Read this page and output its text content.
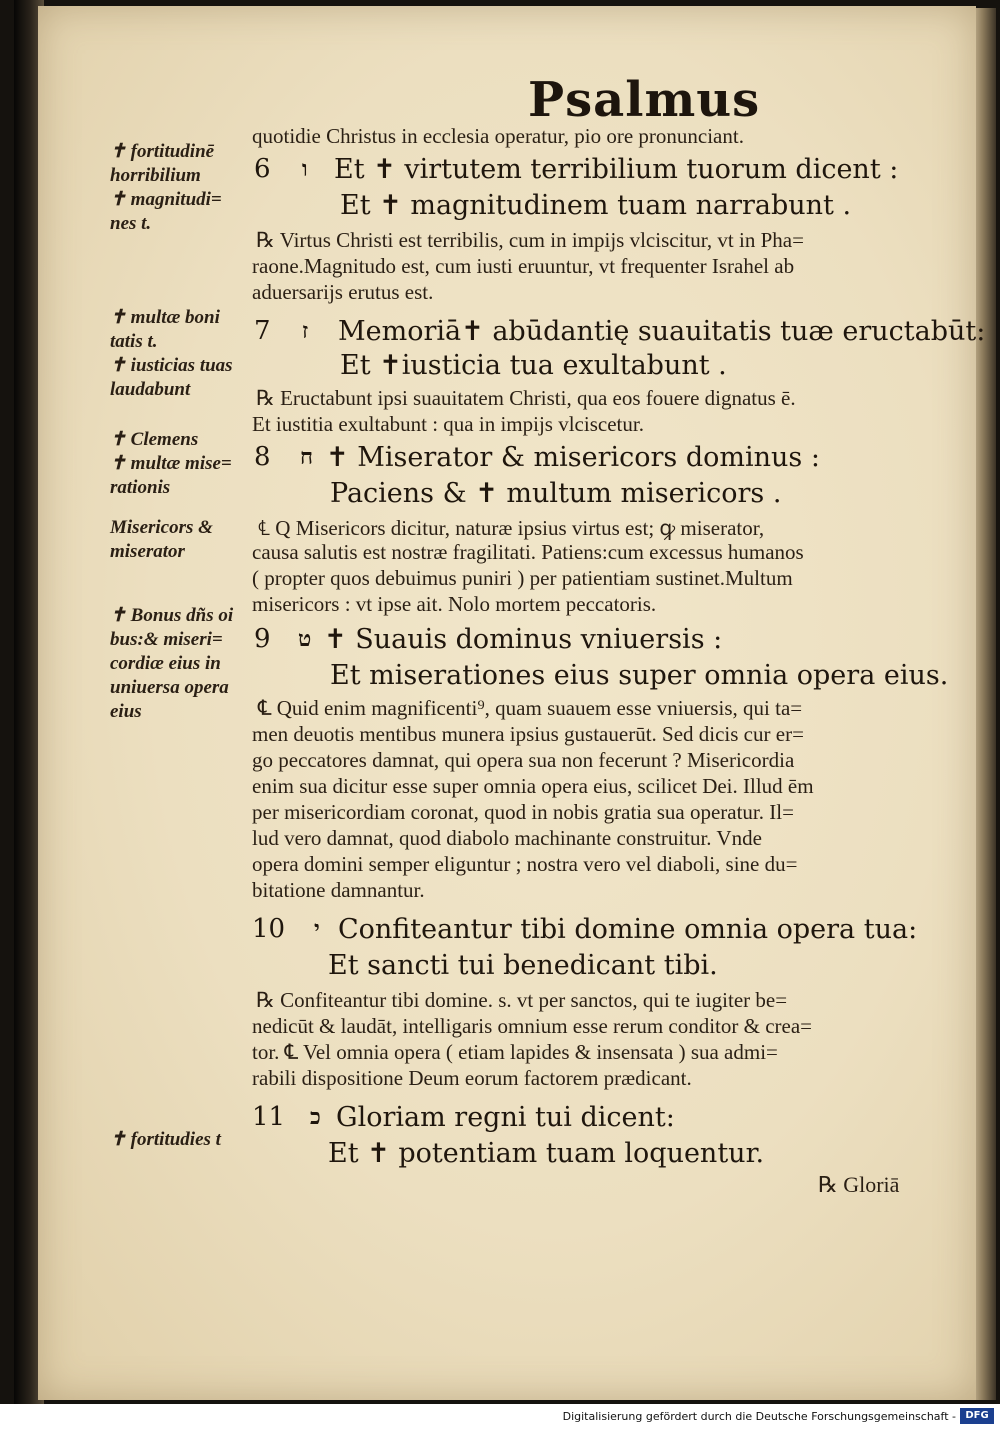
Psalmus
✝ fortitudinē
horribilium
✝ magnitudi=
nes t.
✝ multæ boni
tatis t.
✝ iusticias tuas
laudabunt
✝ Clemens
✝ multæ mise=
rationis
Misericors &
miserator
✝ Bonus dñs oi
bus:& miseri=
cordiæ eius in
uniuersa opera
eius
✝ fortitudies t
6
7
8
9
10
11
ו
ז
ח
ט
י
כ
quotidie Christus in ecclesia operatur, pio ore pronunciant.
Et ✝ virtutem terribilium tuorum dicent :
Et ✝ magnitudinem tuam narrabunt .
℞ Virtus Christi est terribilis, cum in impijs vlciscitur, vt in Pha=
raone.Magnitudo est, cum iusti eruuntur, vt frequenter Israhel ab
aduersarijs erutus est.
Memoriā✝ abūdantię suauitatis tuæ eructabūt:
Et ✝iusticia tua exultabunt .
℞ Eructabunt ipsi suauitatem Christi, qua eos fouere dignatus ē.
Et iustitia exultabunt : qua in impijs vlciscetur.
✝ Miserator & misericors dominus :
Paciens & ✝ multum misericors .
℄ Q Misericors dicitur, naturæ ipsius virtus est; ꝙ miserator,
causa salutis est nostræ fragilitati. Patiens:cum excessus humanos
( propter quos debuimus puniri ) per patientiam sustinet.Multum
misericors : vt ipse ait. Nolo mortem peccatoris.
✝ Suauis dominus vniuersis :
Et miserationes eius super omnia opera eius.
℄ Quid enim magnificenti⁹, quam suauem esse vniuersis, qui ta=
men deuotis mentibus munera ipsius gustauerūt. Sed dicis cur er=
go peccatores damnat, qui opera sua non fecerunt ? Misericordia
enim sua dicitur esse super omnia opera eius, scilicet Dei. Illud ēm
per misericordiam coronat, quod in nobis gratia sua operatur. Il=
lud vero damnat, quod diabolo machinante construitur. Vnde
opera domini semper eliguntur ; nostra vero vel diaboli, sine du=
bitatione damnantur.
Confiteantur tibi domine omnia opera tua:
Et sancti tui benedicant tibi.
℞ Confiteantur tibi domine. s. vt per sanctos, qui te iugiter be=
nedicūt & laudāt, intelligaris omnium esse rerum conditor & crea=
tor. ℄ Vel omnia opera ( etiam lapides & insensata ) sua admi=
rabili dispositione Deum eorum factorem prædicant.
Gloriam regni tui dicent:
Et ✝ potentiam tuam loquentur.
℞ Gloriā
Digitalisierung gefördert durch die Deutsche Forschungsgemeinschaft - DFG
